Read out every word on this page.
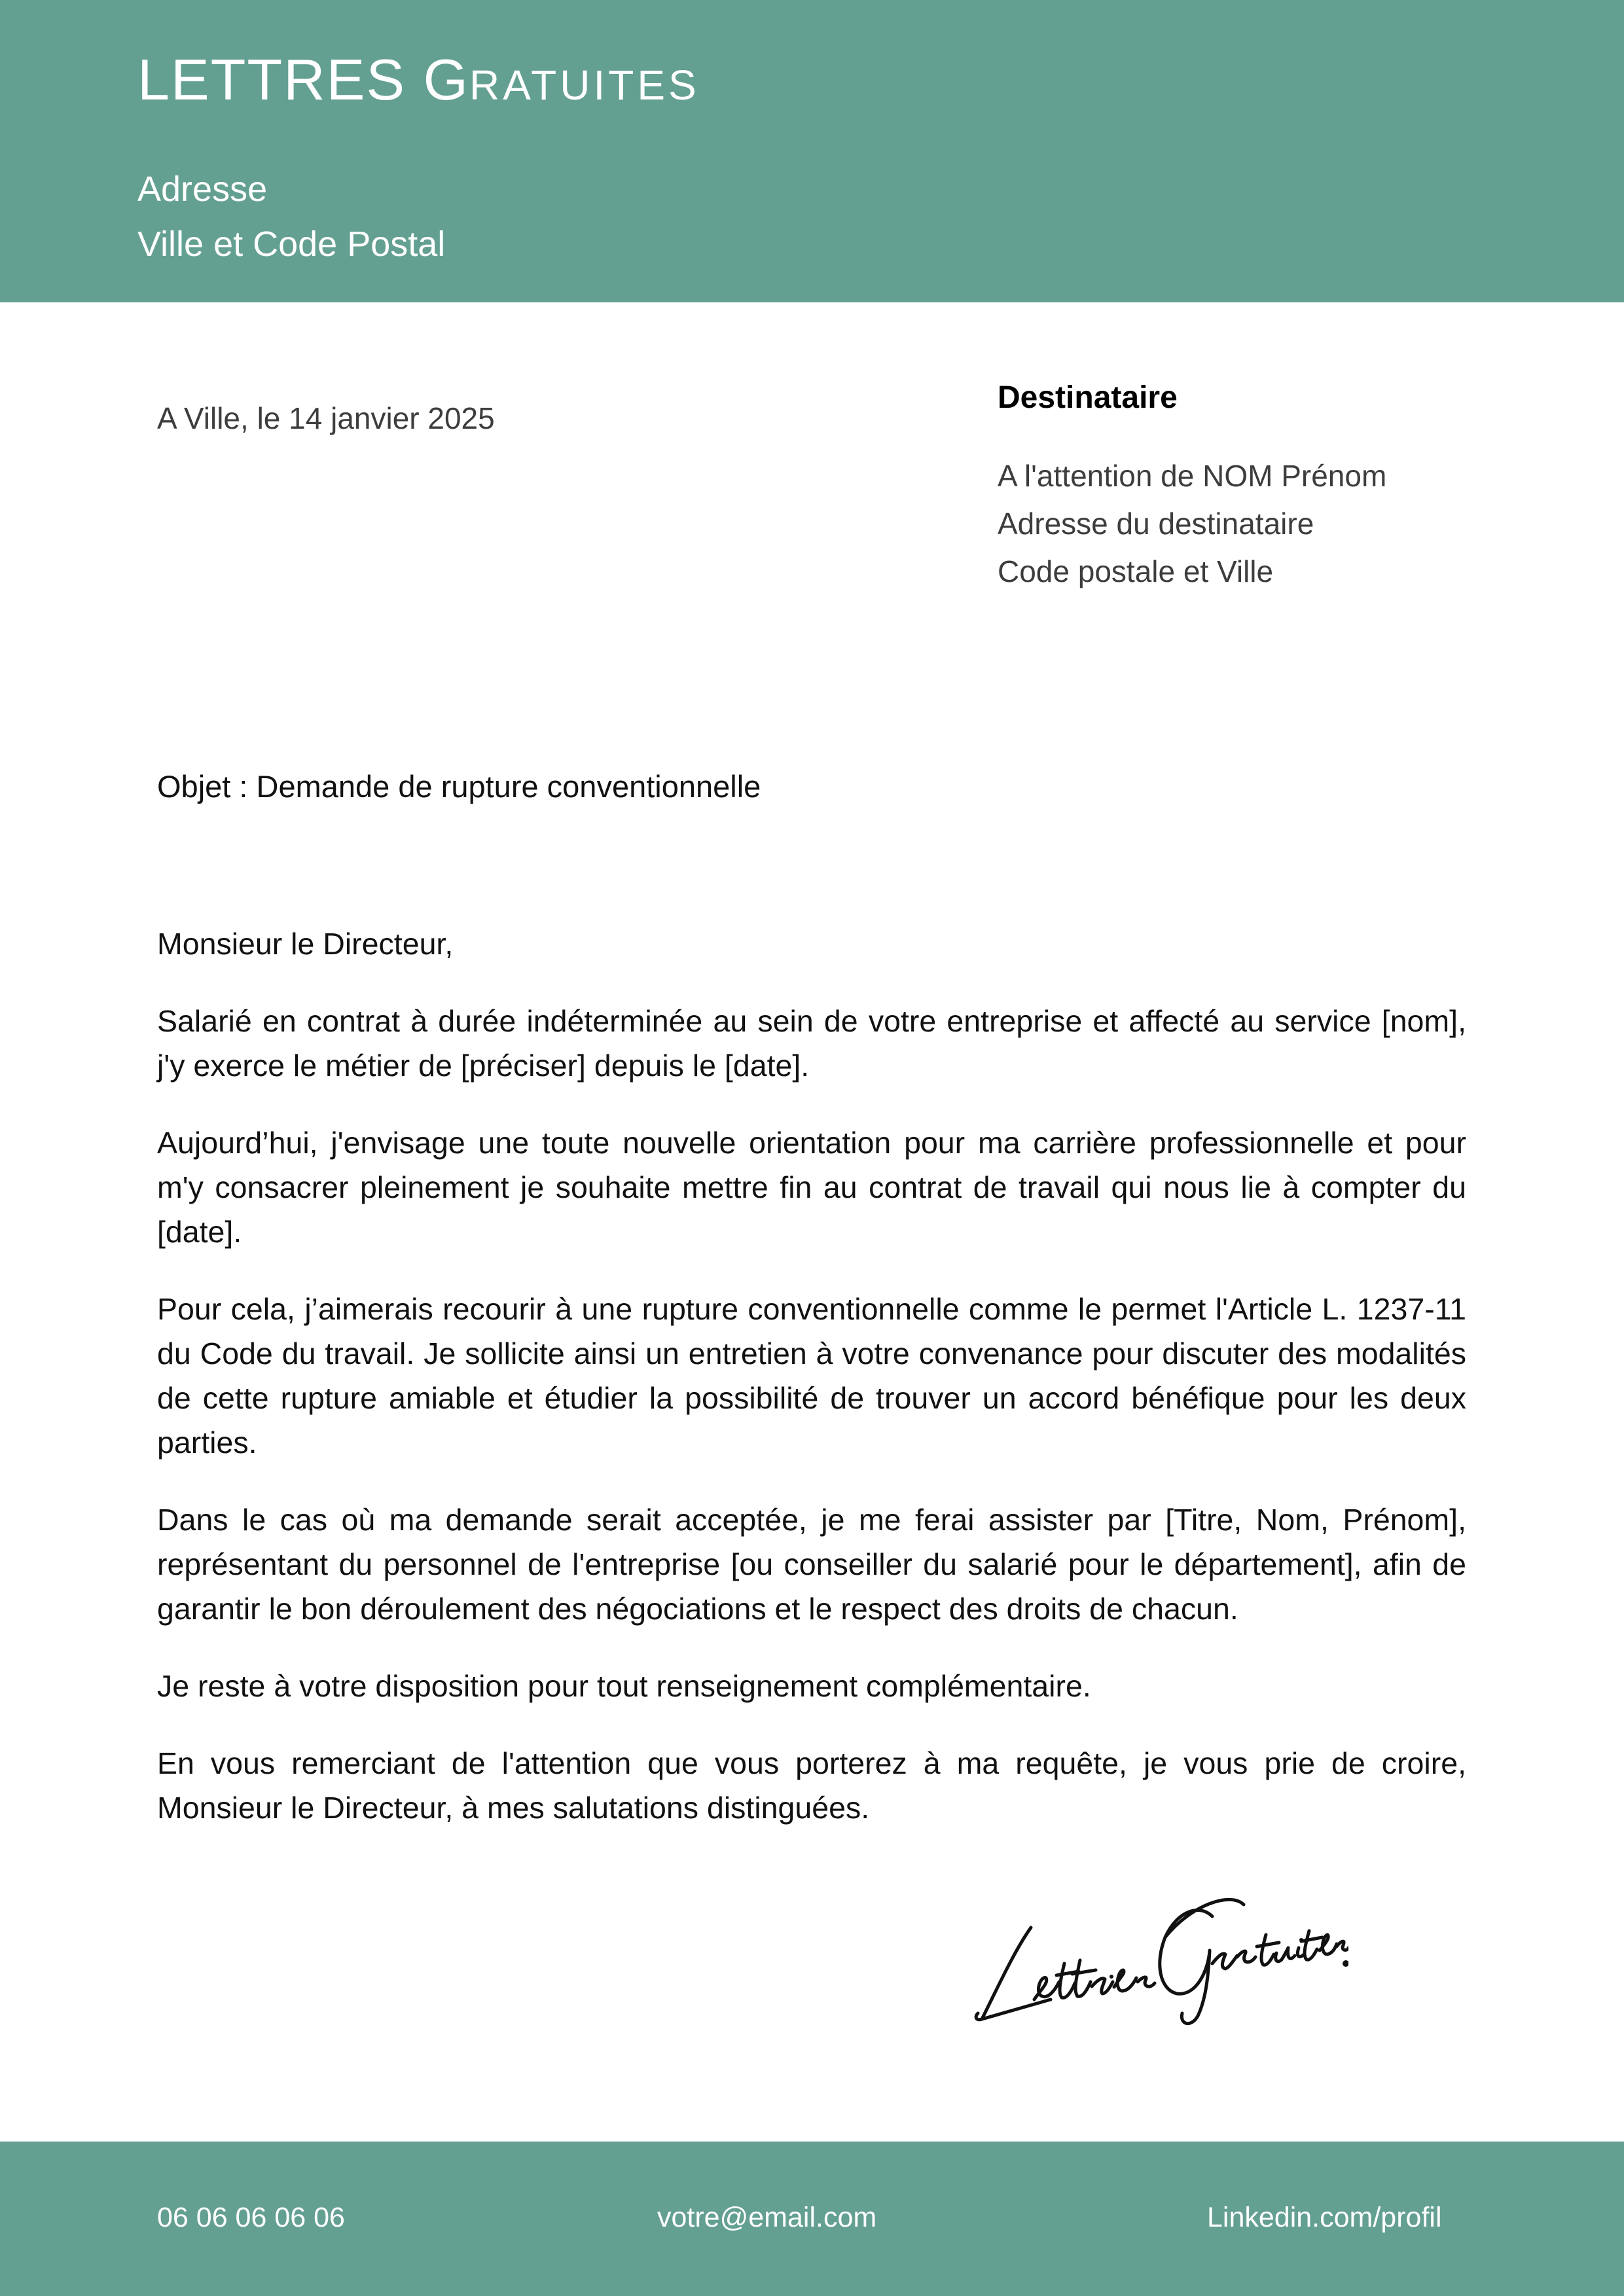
LETTRES GRATUITES
Adresse
Ville et Code Postal
A Ville, le 14 janvier 2025
Destinataire
A l'attention de NOM Prénom
Adresse du destinataire
Code postale et Ville
Objet : Demande de rupture conventionnelle

Monsieur le Directeur,

Salarié en contrat à durée indéterminée au sein de votre entreprise et affecté au service [nom], j'y exerce le métier de [préciser] depuis le [date].

Aujourd’hui, j'envisage une toute nouvelle orientation pour ma carrière professionnelle et pour m'y consacrer pleinement je souhaite mettre fin au contrat de travail qui nous lie à compter du [date].

Pour cela, j’aimerais recourir à une rupture conventionnelle comme le permet l'Article L. 1237-11 du Code du travail. Je sollicite ainsi un entretien à votre convenance pour discuter des modalités de cette rupture amiable et étudier la possibilité de trouver un accord bénéfique pour les deux parties.

Dans le cas où ma demande serait acceptée, je me ferai assister par [Titre, Nom, Prénom], représentant du personnel de l'entreprise [ou conseiller du salarié pour le département], afin de garantir le bon déroulement des négociations et le respect des droits de chacun.

Je reste à votre disposition pour tout renseignement complémentaire.

En vous remerciant de l'attention que vous porterez à ma requête, je vous prie de croire, Monsieur le Directeur, à mes salutations distinguées.

06 06 06 06 06	votre@email.com	Linkedin.com/profil
